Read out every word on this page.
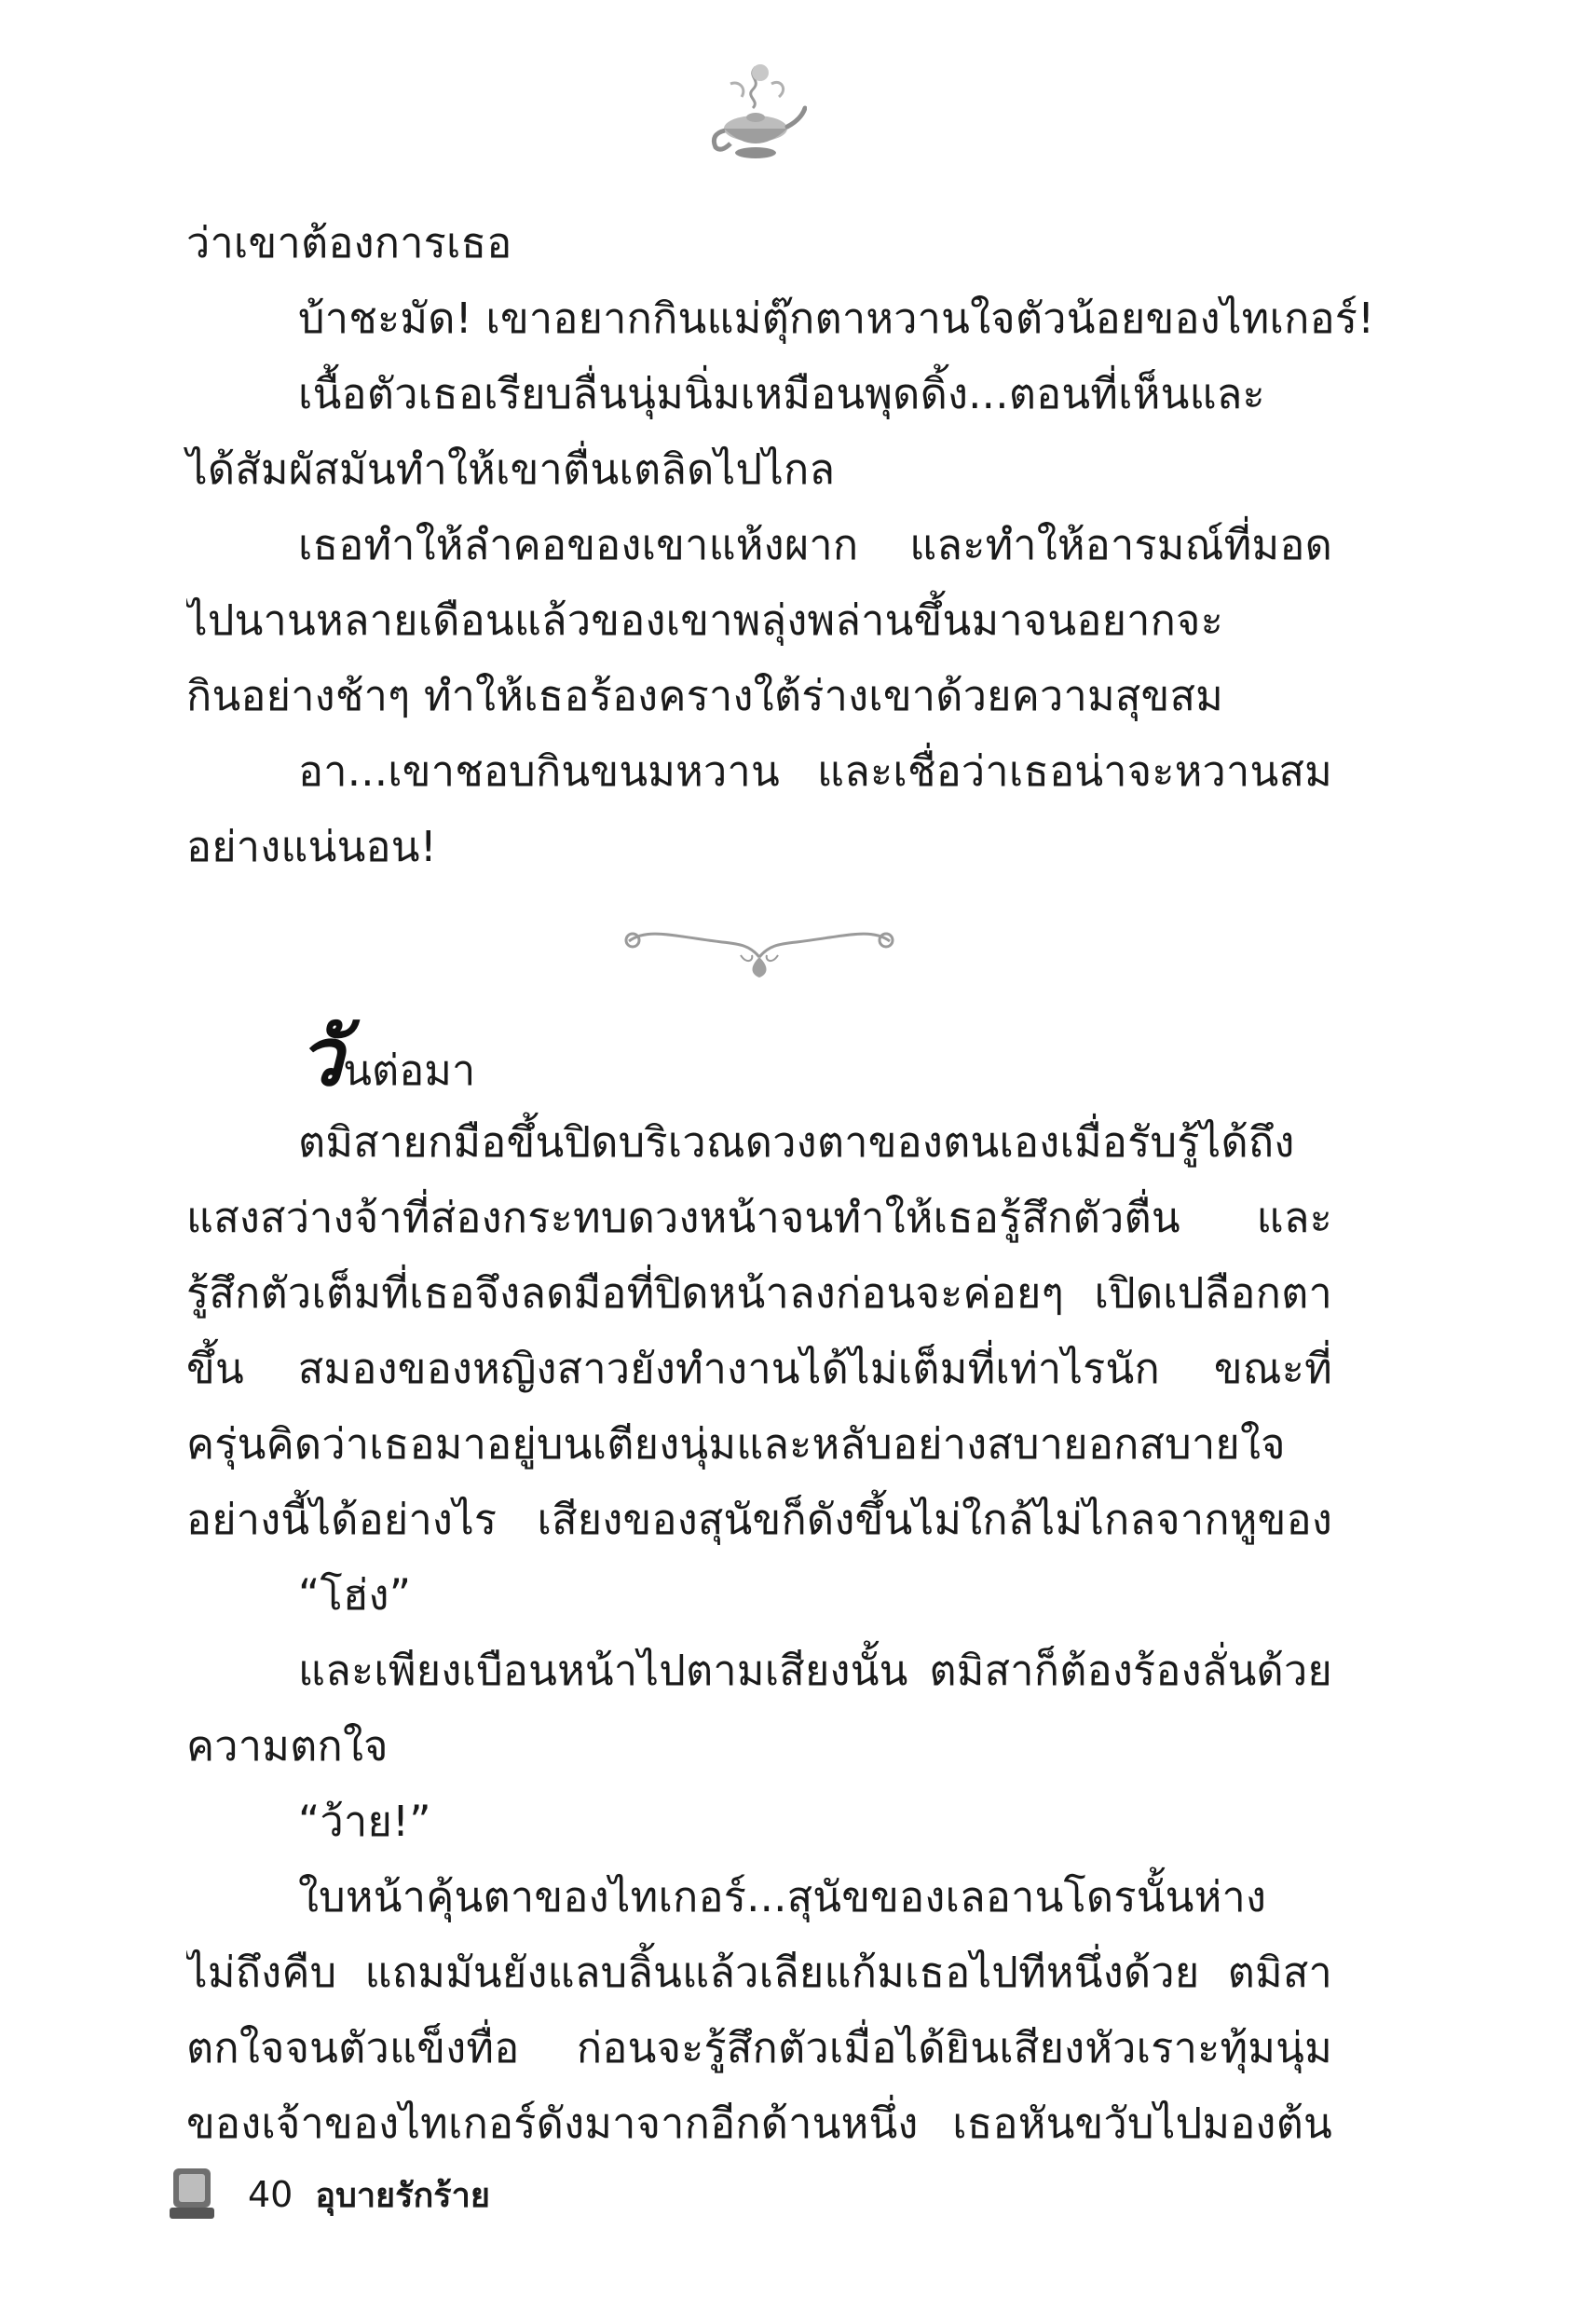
ว่าเขาต้องการเธอ
บ้าชะมัด! เขาอยากกินแม่ตุ๊กตาหวานใจตัวน้อยของไทเกอร์!
เนื้อตัวเธอเรียบลื่นนุ่มนิ่มเหมือนพุดดิ้ง...ตอนที่เห็นและ
ได้สัมผัสมันทำให้เขาตื่นเตลิดไปไกล
เธอทำให้ลำคอของเขาแห้งผาก และทำให้อารมณ์ที่มอด
ไปนานหลายเดือนแล้วของเขาพลุ่งพล่านขึ้นมาจนอยากจะ
กินอย่างช้าๆ ทำให้เธอร้องครางใต้ร่างเขาด้วยความสุขสม
อา...เขาชอบกินขนมหวาน และเชื่อว่าเธอน่าจะหวานสม
อย่างแน่นอน!
วันต่อมา
ตมิสายกมือขึ้นปิดบริเวณดวงตาของตนเองเมื่อรับรู้ได้ถึง
แสงสว่างจ้าที่ส่องกระทบดวงหน้าจนทำให้เธอรู้สึกตัวตื่น และ
รู้สึกตัวเต็มที่เธอจึงลดมือที่ปิดหน้าลงก่อนจะค่อยๆ เปิดเปลือกตา
ขึ้น สมองของหญิงสาวยังทำงานได้ไม่เต็มที่เท่าไรนัก ขณะที่
ครุ่นคิดว่าเธอมาอยู่บนเตียงนุ่มและหลับอย่างสบายอกสบายใจ
อย่างนี้ได้อย่างไร เสียงของสุนัขก็ดังขึ้นไม่ใกล้ไม่ไกลจากหูของ
“โฮ่ง”
และเพียงเบือนหน้าไปตามเสียงนั้น ตมิสาก็ต้องร้องลั่นด้วย
ความตกใจ
“ว้าย!”
ใบหน้าคุ้นตาของไทเกอร์...สุนัขของเลอานโดรนั้นห่าง
ไม่ถึงคืบ แถมมันยังแลบลิ้นแล้วเลียแก้มเธอไปทีหนึ่งด้วย ตมิสา
ตกใจจนตัวแข็งทื่อ ก่อนจะรู้สึกตัวเมื่อได้ยินเสียงหัวเราะทุ้มนุ่ม
ของเจ้าของไทเกอร์ดังมาจากอีกด้านหนึ่ง เธอหันขวับไปมองต้น
40 อุบายรักร้าย
